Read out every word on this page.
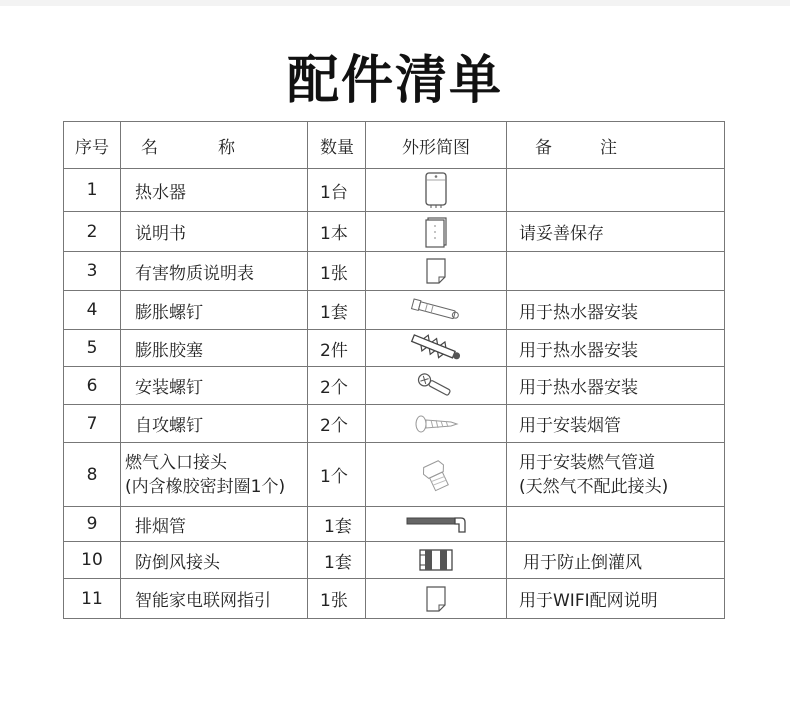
配件清单
序号	名 称	数量	外形简图	备 注
1	热水器	1台	

2	说明书	1本		请妥善保存
3	有害物质说明表	1张	

4	膨胀螺钉	1套		用于热水器安装
5	膨胀胶塞	2件		用于热水器安装
6	安装螺钉	2个		用于热水器安装
7	自攻螺钉	2个		用于安装烟管
8	燃气入口接头
(内含橡胶密封圈1个)	1个		用于安装燃气管道
(天然气不配此接头)

9	排烟管	1套	

10	防倒风接头	1套		用于防止倒灌风
11	智能家电联网指引	1张		用于WIFI配网说明
